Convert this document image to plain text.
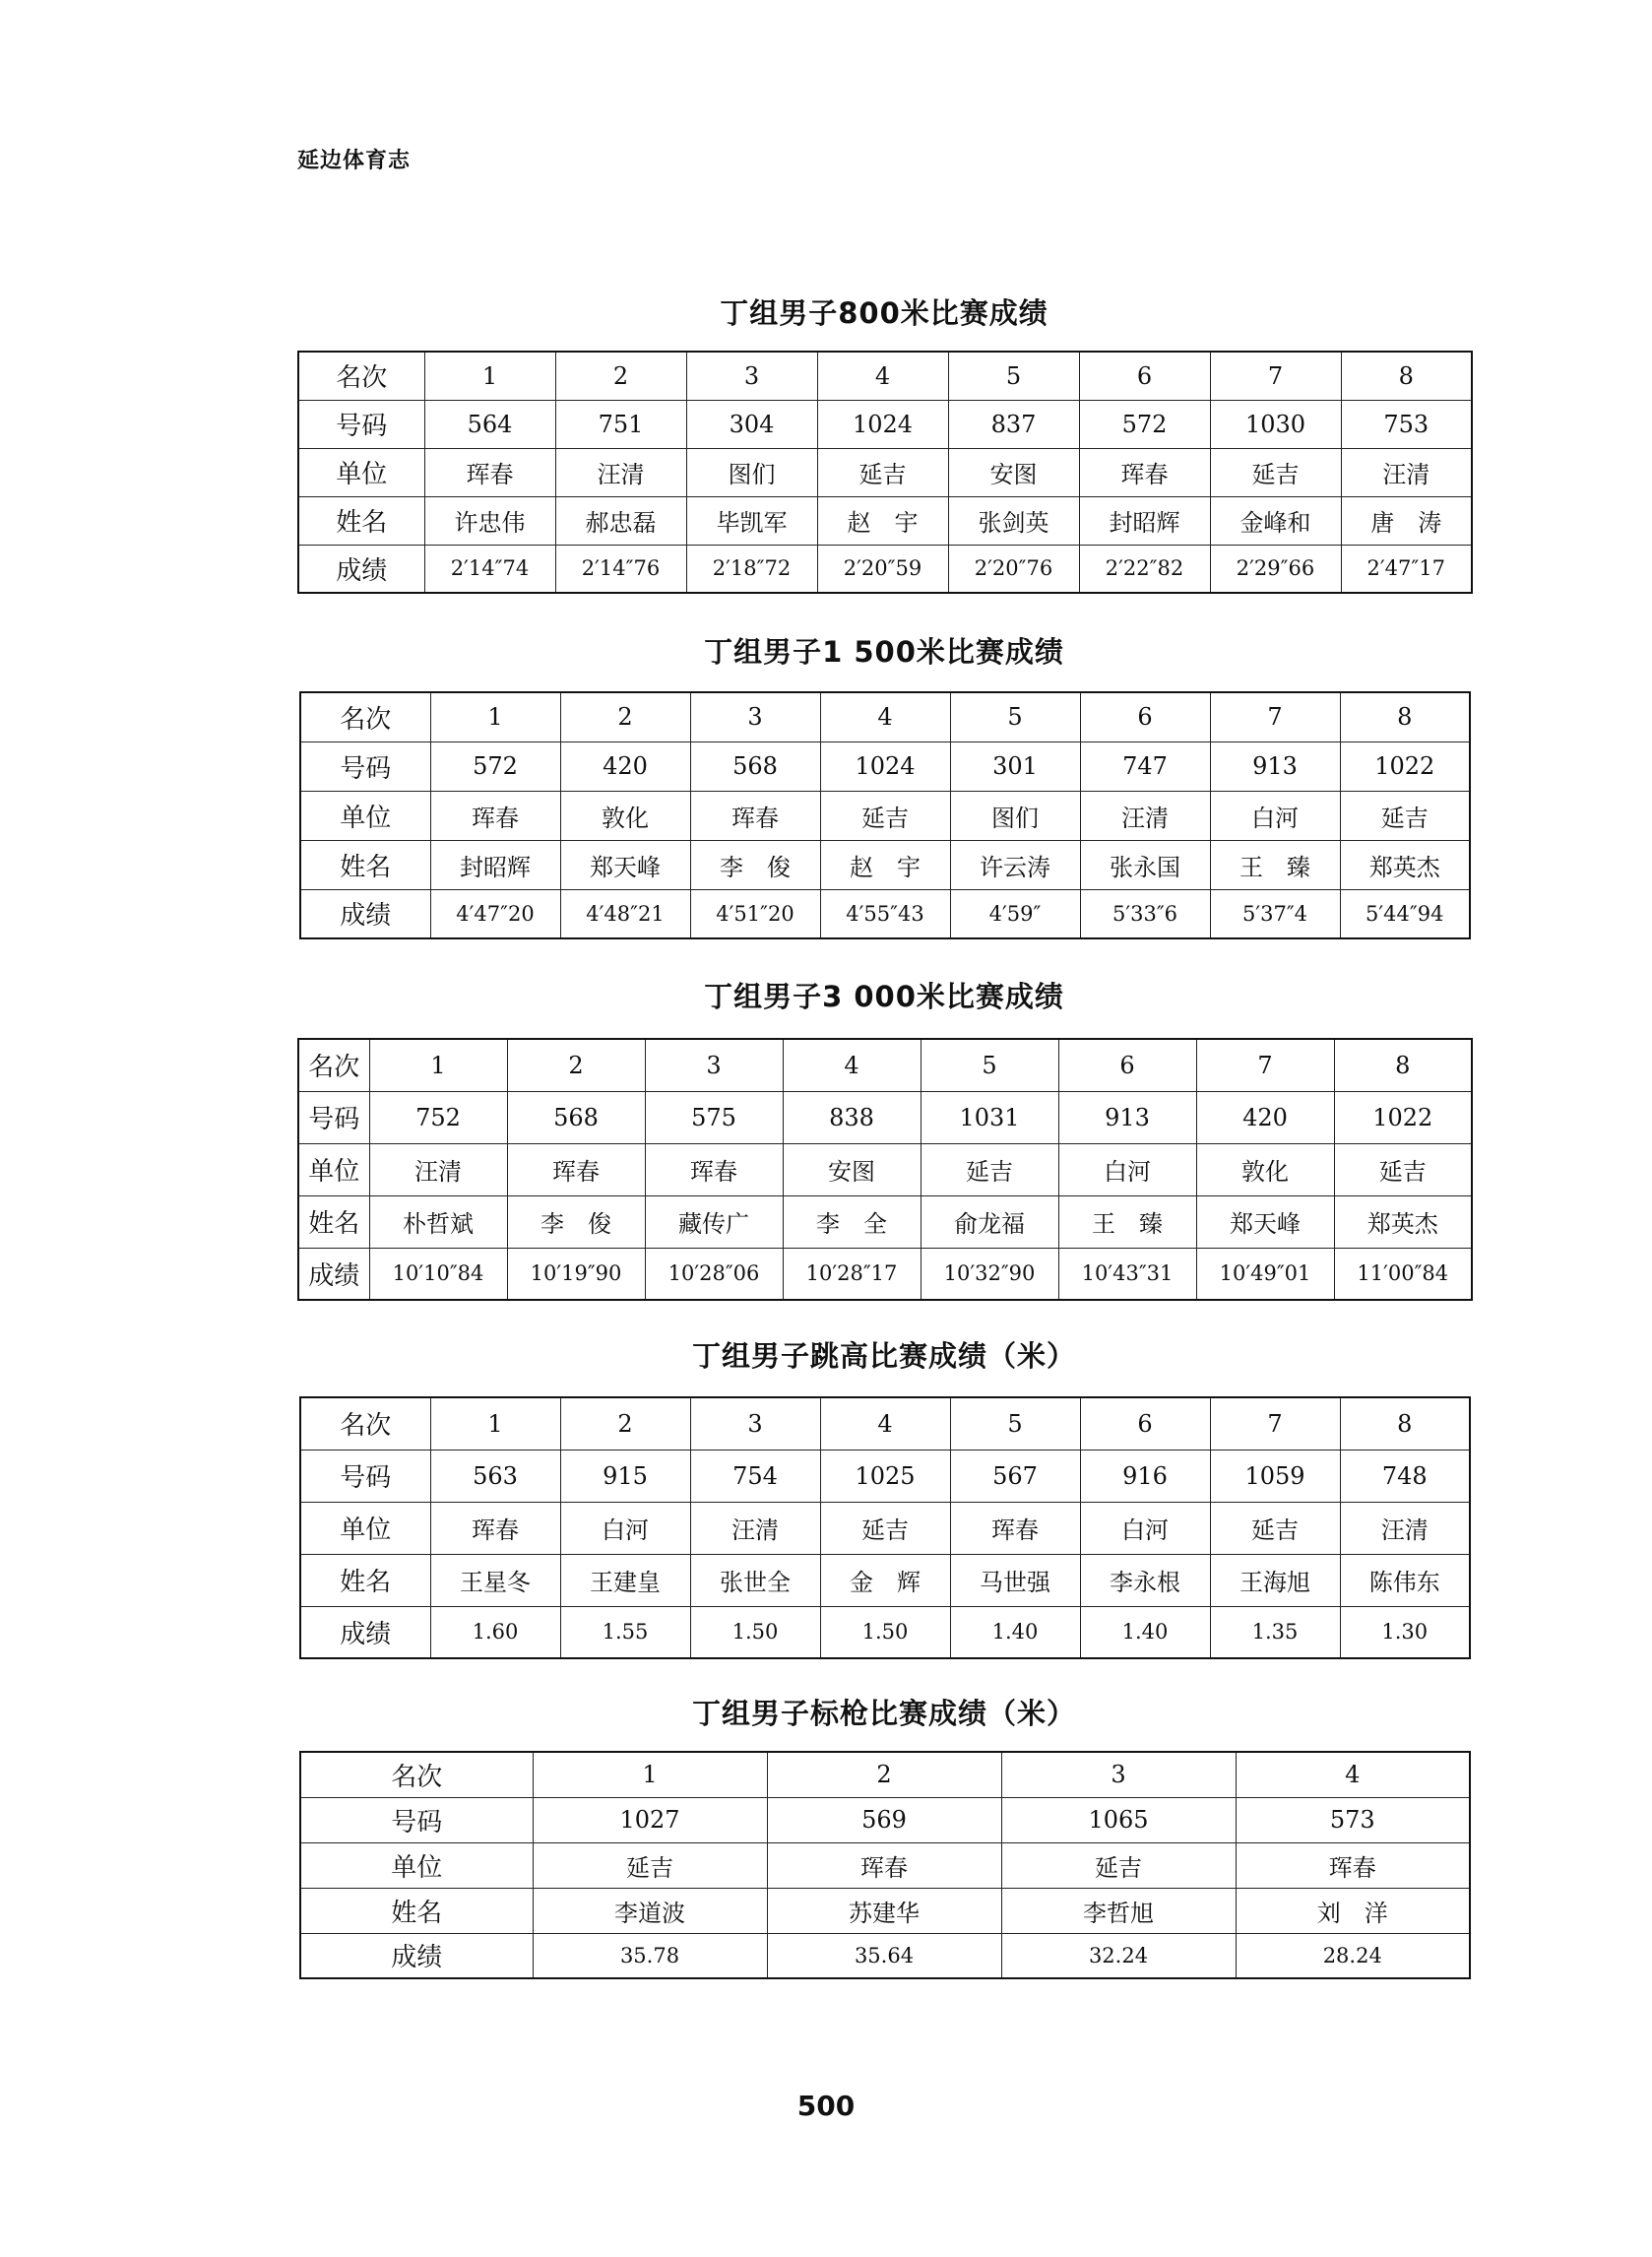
延边体育志
丁组男子800米比赛成绩
名次	1	2	3	4	5	6	7	8
号码	564	751	304	1024	837	572	1030	753
单位	珲春	汪清	图们	延吉	安图	珲春	延吉	汪清
姓名	许忠伟	郝忠磊	毕凯军	赵　宇	张剑英	封昭辉	金峰和	唐　涛
成绩	2′14″74	2′14″76	2′18″72	2′20″59	2′20″76	2′22″82	2′29″66	2′47″17
丁组男子1 500米比赛成绩
名次	1	2	3	4	5	6	7	8
号码	572	420	568	1024	301	747	913	1022
单位	珲春	敦化	珲春	延吉	图们	汪清	白河	延吉
姓名	封昭辉	郑天峰	李　俊	赵　宇	许云涛	张永国	王　臻	郑英杰
成绩	4′47″20	4′48″21	4′51″20	4′55″43	4′59″	5′33″6	5′37″4	5′44″94
丁组男子3 000米比赛成绩
名次	1	2	3	4	5	6	7	8
号码	752	568	575	838	1031	913	420	1022
单位	汪清	珲春	珲春	安图	延吉	白河	敦化	延吉
姓名	朴哲斌	李　俊	藏传广	李　全	俞龙福	王　臻	郑天峰	郑英杰
成绩	10′10″84	10′19″90	10′28″06	10′28″17	10′32″90	10′43″31	10′49″01	11′00″84
丁组男子跳高比赛成绩（米）
名次	1	2	3	4	5	6	7	8
号码	563	915	754	1025	567	916	1059	748
单位	珲春	白河	汪清	延吉	珲春	白河	延吉	汪清
姓名	王星冬	王建皇	张世全	金　辉	马世强	李永根	王海旭	陈伟东
成绩	1.60	1.55	1.50	1.50	1.40	1.40	1.35	1.30
丁组男子标枪比赛成绩（米）
名次	1	2	3	4
号码	1027	569	1065	573
单位	延吉	珲春	延吉	珲春
姓名	李道波	苏建华	李哲旭	刘　洋
成绩	35.78	35.64	32.24	28.24
500
